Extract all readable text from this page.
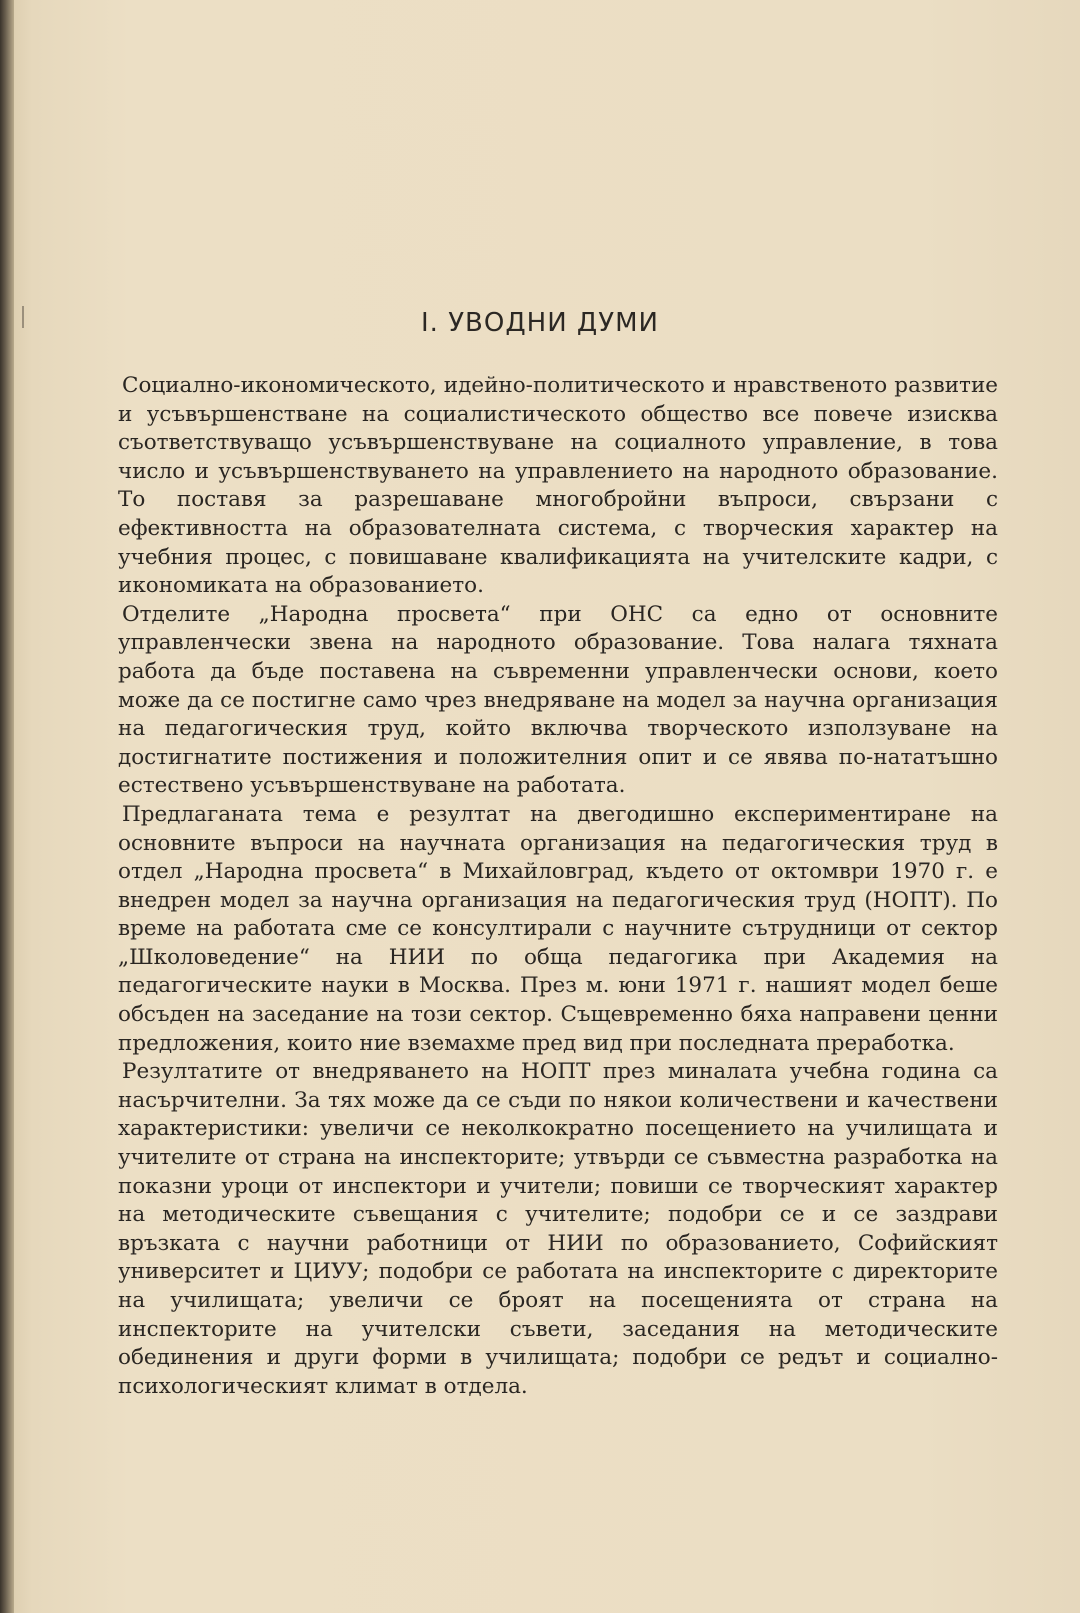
I. УВОДНИ ДУМИ

Социално-икономическото, идейно-политическото и нравственото развитие и усъвършенстване на социалистическото общество все повече изисква съответствуващо усъвършенствуване на социалното управление, в това число и усъвършенствуването на управлението на народното образование. То поставя за разрешаване многобройни въпроси, свързани с ефективността на образователната система, с творческия характер на учебния процес, с повишаване квалификацията на учителските кадри, с икономиката на образованието.

Отделите „Народна просвета“ при ОНС са едно от основните управленчески звена на народното образование. Това налага тяхната работа да бъде поставена на съвременни управленчески основи, което може да се постигне само чрез внедряване на модел за научна организация на педагогическия труд, който включва творческото използуване на достигнатите постижения и положителния опит и се явява по-нататъшно естествено усъвършенствуване на работата.

Предлаганата тема е резултат на двегодишно експериментиране на основните въпроси на научната организация на педагогическия труд в отдел „Народна просвета“ в Михайловград, където от октомври 1970 г. е внедрен модел за научна организация на педагогическия труд (НОПТ). По време на работата сме се консултирали с научните сътрудници от сектор „Школоведение“ на НИИ по обща педагогика при Академия на педагогическите науки в Москва. През м. юни 1971 г. нашият модел беше обсъден на заседание на този сектор. Същевременно бяха направени ценни предложения, които ние вземахме пред вид при последната преработка.

Резултатите от внедряването на НОПТ през миналата учебна година са насърчителни. За тях може да се съди по някои количествени и качествени характеристики: увеличи се неколкократно посещението на училищата и учителите от страна на инспекторите; утвърди се съвместна разработка на показни уроци от инспектори и учители; повиши се творческият характер на методическите съвещания с учителите; подобри се и се заздрави връзката с научни работници от НИИ по образованието, Софийският университет и ЦИУУ; подобри се работата на инспекторите с директорите на училищата; увеличи се броят на посещенията от страна на инспекторите на учителски съвети, заседания на методическите обединения и други форми в училищата; подобри се редът и социално-психологическият климат в отдела.
